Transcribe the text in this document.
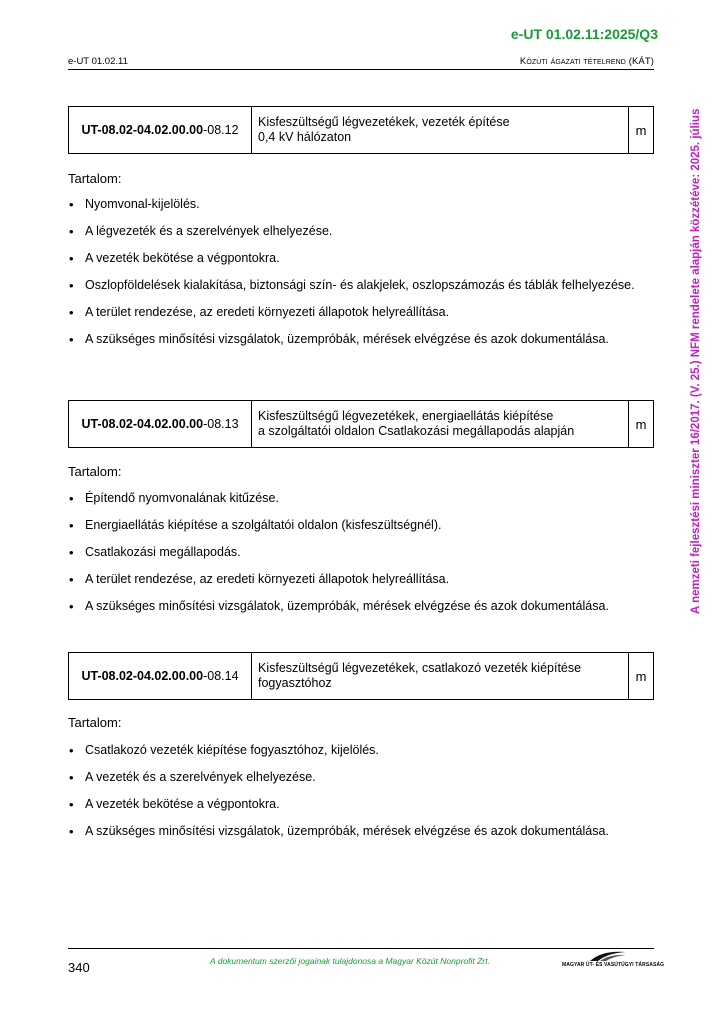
e-UT 01.02.11:2025/Q3
e-UT 01.02.11	Közúti ágazati tételrend (KÁT)
A nemzeti fejlesztési miniszter 16/2017. (V. 25.) NFM rendelete alapján közzétéve: 2025. július
UT-08.02-04.02.00.00 -08.12
Kisfeszültségű légvezetékek, vezeték építése
0,4 kV hálózaton	m
Tartalom:
• Nyomvonal-kijelölés.
• A légvezeték és a szerelvények elhelyezése.
• A vezeték bekötése a végpontokra.
• Oszlopföldelések kialakítása, biztonsági szín- és alakjelek, oszlopszámozás és táblák felhelyezése.
• A terület rendezése, az eredeti környezeti állapotok helyreállítása.
• A szükséges minősítési vizsgálatok, üzempróbák, mérések elvégzése és azok dokumentálása.
UT-08.02-04.02.00.00 -08.13
Kisfeszültségű légvezetékek, energiaellátás kiépítése
a szolgáltatói oldalon Csatlakozási megállapodás alapján	m
Tartalom:
• Építendő nyomvonalának kitűzése.
• Energiaellátás kiépítése a szolgáltatói oldalon (kisfeszültségnél).
• Csatlakozási megállapodás.
• A terület rendezése, az eredeti környezeti állapotok helyreállítása.
• A szükséges minősítési vizsgálatok, üzempróbák, mérések elvégzése és azok dokumentálása.
UT-08.02-04.02.00.00 -08.14
Kisfeszültségű légvezetékek, csatlakozó vezeték kiépítése
fogyasztóhoz	m
Tartalom:
• Csatlakozó vezeték kiépítése fogyasztóhoz, kijelölés.
• A vezeték és a szerelvények elhelyezése.
• A vezeték bekötése a végpontokra.
• A szükséges minősítési vizsgálatok, üzempróbák, mérések elvégzése és azok dokumentálása.
340	A dokumentum szerzői jogainak tulajdonosa a Magyar Közút Nonprofit Zrt.	MAGYAR ÚT- ÉS VASÚTÜGYI TÁRSASÁG
